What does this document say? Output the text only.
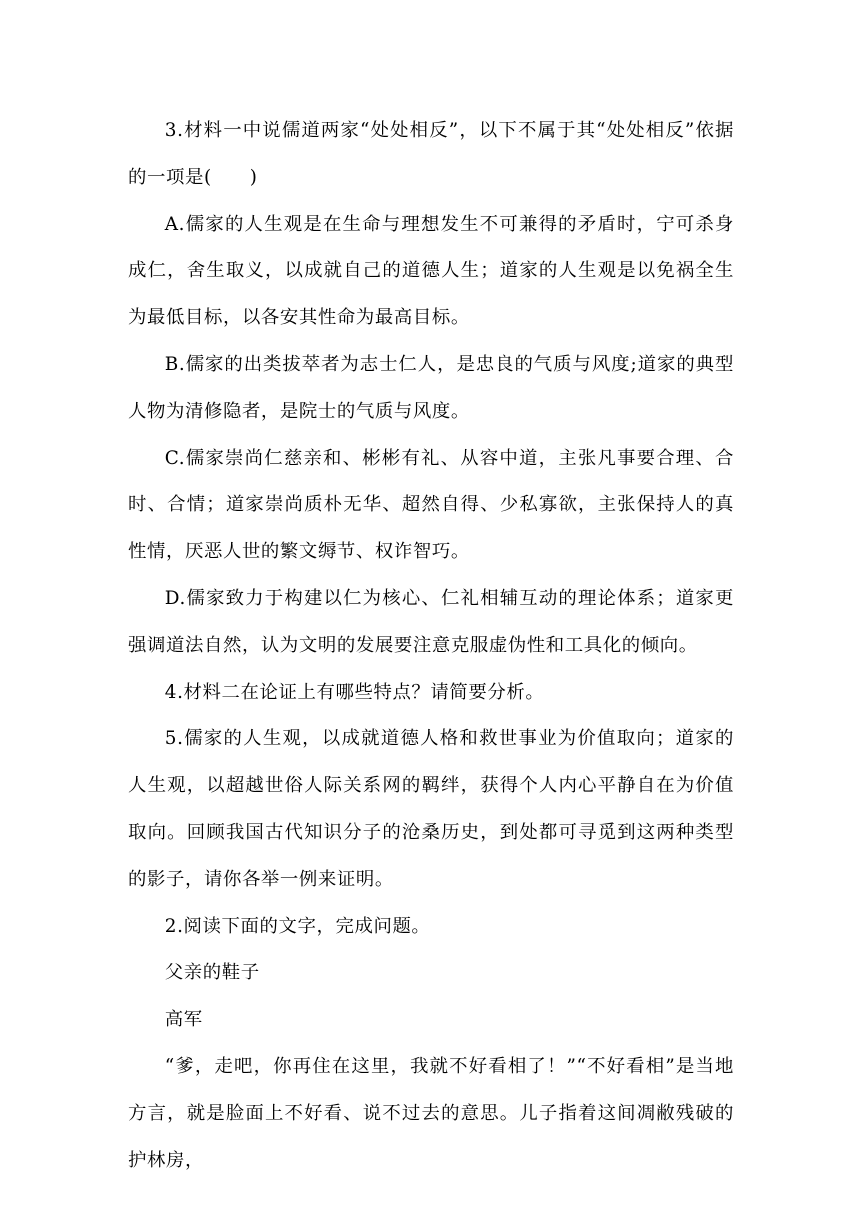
3.材料一中说儒道两家“处处相反”，以下不属于其“处处相反”依据的一项是(　　)

A.儒家的人生观是在生命与理想发生不可兼得的矛盾时，宁可杀身成仁，舍生取义，以成就自己的道德人生；道家的人生观是以免祸全生为最低目标，以各安其性命为最高目标。

B.儒家的出类拔萃者为志士仁人，是忠良的气质与风度;道家的典型人物为清修隐者，是院士的气质与风度。

C.儒家崇尚仁慈亲和、彬彬有礼、从容中道，主张凡事要合理、合时、合情；道家崇尚质朴无华、超然自得、少私寡欲，主张保持人的真性情，厌恶人世的繁文缛节、权诈智巧。

D.儒家致力于构建以仁为核心、仁礼相辅互动的理论体系；道家更强调道法自然，认为文明的发展要注意克服虚伪性和工具化的倾向。

4.材料二在论证上有哪些特点？请简要分析。

5.儒家的人生观，以成就道德人格和救世事业为价值取向；道家的人生观，以超越世俗人际关系网的羁绊，获得个人内心平静自在为价值取向。回顾我国古代知识分子的沧桑历史，到处都可寻觅到这两种类型的影子，请你各举一例来证明。

2.阅读下面的文字，完成问题。

父亲的鞋子

高军

“爹，走吧，你再住在这里，我就不好看相了！”“不好看相”是当地方言，就是脸面上不好看、说不过去的意思。儿子指着这间凋敝残破的护林房，
